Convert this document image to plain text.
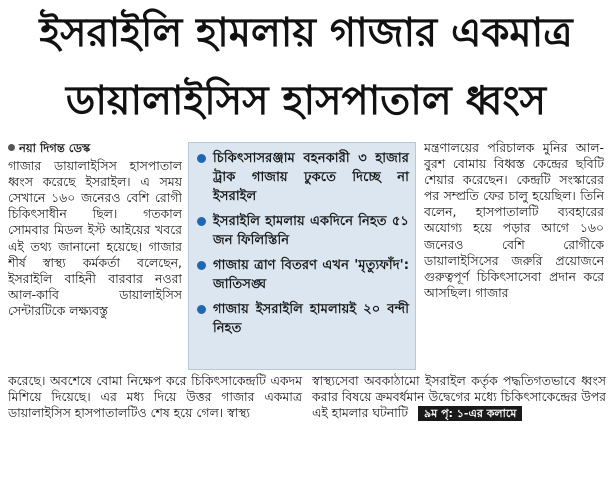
ইসরাইলি হামলায় গাজার একমাত্র
ডায়ালাইসিস হাসপাতাল ধ্বংস
নয়া দিগন্ত ডেস্ক
গাজার ডায়ালাইসিস হাসপাতাল ধ্বংস করেছে ইসরাইল। এ সময় সেখানে ১৬০ জনেরও বেশি রোগী চিকিৎসাধীন ছিল। গতকাল সোমবার মিডল ইস্ট আইয়ের খবরে এই তথ্য জানানো হয়েছে। গাজার শীর্ষ স্বাস্থ্য কর্মকর্তা বলেছেন, ইসরাইলি বাহিনী বারবার নওরা আল-কাবি ডায়ালাইসিস সেন্টারটিকে লক্ষ্যবস্তু
চিকিৎসাসরঞ্জাম বহনকারী ৩ হাজার ট্রাক গাজায় ঢুকতে দিচ্ছে না ইসরাইল
ইসরাইলি হামলায় একদিনে নিহত ৫১ জন ফিলিস্তিনি
গাজায় ত্রাণ বিতরণ এখন 'মৃত্যুফাঁদ': জাতিসঙ্ঘ
গাজায় ইসরাইলি হামলায়ই ২০ বন্দী নিহত
মন্ত্রণালয়ের পরিচালক মুনির আল-বুরশ বোমায় বিধ্বস্ত কেন্দ্রের ছবিটি শেয়ার করেছেন। কেন্দ্রটি সংস্কারের পর সম্প্রতি ফের চালু হয়েছিল। তিনি বলেন, হাসপাতালটি ব্যবহারের অযোগ্য হয়ে পড়ার আগে ১৬০ জনেরও বেশি রোগীকে ডায়ালাইসিসের জরুরি প্রয়োজনে গুরুত্বপূর্ণ চিকিৎসাসেবা প্রদান করে আসছিল। গাজার
করেছে। অবশেষে বোমা নিক্ষেপ করে চিকিৎসাকেন্দ্রটি একদম মিশিয়ে দিয়েছে। এর মধ্য দিয়ে উত্তর গাজার একমাত্র ডায়ালাইসিস হাসপাতালটিও শেষ হয়ে গেল। স্বাস্থ্য
স্বাস্থ্যসেবা অবকাঠামো ইসরাইল কর্তৃক পদ্ধতিগতভাবে ধ্বংস করার বিষয়ে ক্রমবর্ধমান উদ্বেগের মধ্যে চিকিৎসাকেন্দ্রের উপর এই হামলার ঘটনাটি ৯ম পৃ: ১-এর কলামে
